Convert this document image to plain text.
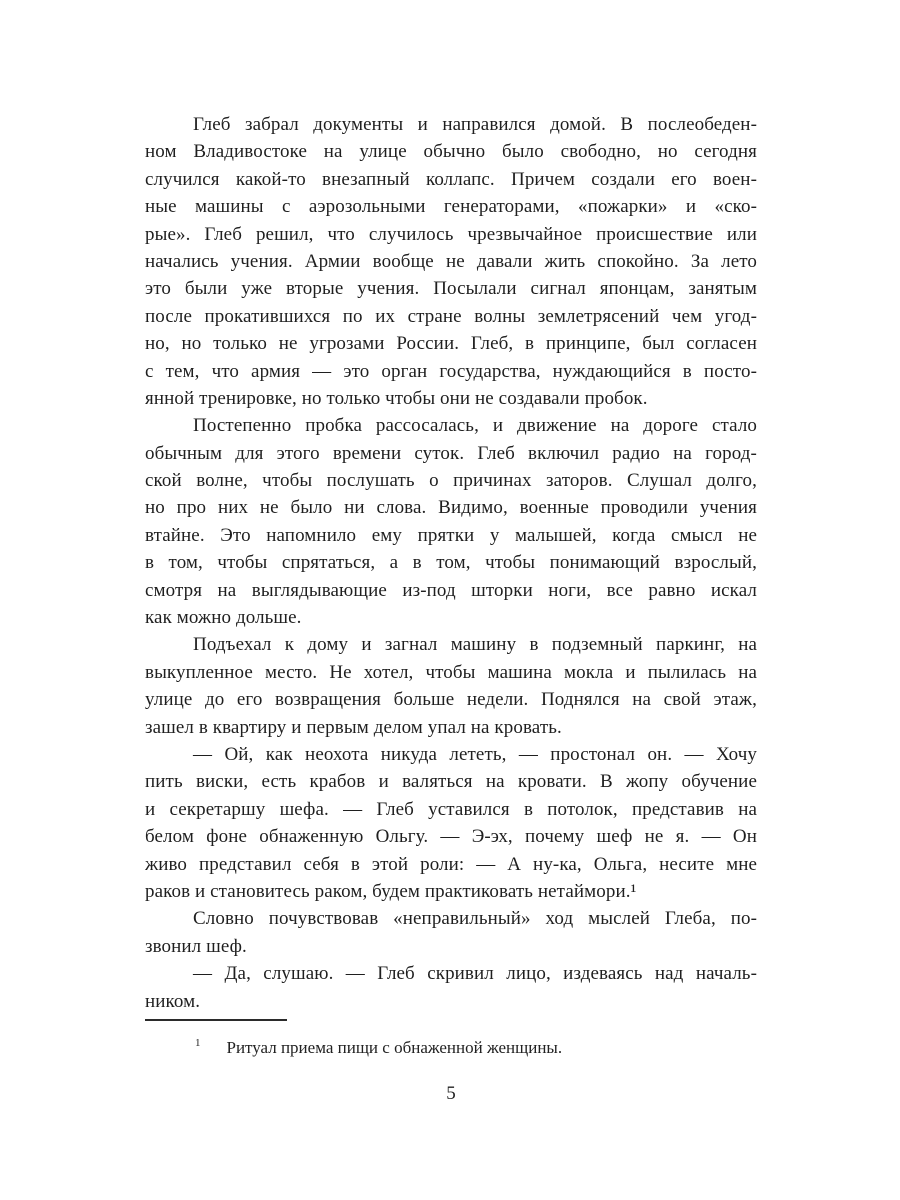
Глеб забрал документы и направился домой. В послеобеден-
ном Владивостоке на улице обычно было свободно, но сегодня
случился какой-то внезапный коллапс. Причем создали его воен-
ные машины с аэрозольными генераторами, «пожарки» и «ско-
рые». Глеб решил, что случилось чрезвычайное происшествие или
начались учения. Армии вообще не давали жить спокойно. За лето
это были уже вторые учения. Посылали сигнал японцам, занятым
после прокатившихся по их стране волны землетрясений чем угод-
но, но только не угрозами России. Глеб, в принципе, был согласен
с тем, что армия — это орган государства, нуждающийся в посто-
янной тренировке, но только чтобы они не создавали пробок.
Постепенно пробка рассосалась, и движение на дороге стало
обычным для этого времени суток. Глеб включил радио на город-
ской волне, чтобы послушать о причинах заторов. Слушал долго,
но про них не было ни слова. Видимо, военные проводили учения
втайне. Это напомнило ему прятки у малышей, когда смысл не
в том, чтобы спрятаться, а в том, чтобы понимающий взрослый,
смотря на выглядывающие из-под шторки ноги, все равно искал
как можно дольше.
Подъехал к дому и загнал машину в подземный паркинг, на
выкупленное место. Не хотел, чтобы машина мокла и пылилась на
улице до его возвращения больше недели. Поднялся на свой этаж,
зашел в квартиру и первым делом упал на кровать.
— Ой, как неохота никуда лететь, — простонал он. — Хочу
пить виски, есть крабов и валяться на кровати. В жопу обучение
и секретаршу шефа. — Глеб уставился в потолок, представив на
белом фоне обнаженную Ольгу. — Э-эх, почему шеф не я. — Он
живо представил себя в этой роли: — А ну-ка, Ольга, несите мне
раков и становитесь раком, будем практиковать нетаймори.¹
Словно почувствовав «неправильный» ход мыслей Глеба, по-
звонил шеф.
— Да, слушаю. — Глеб скривил лицо, издеваясь над началь-
ником.
1 Ритуал приема пищи с обнаженной женщины.
5
